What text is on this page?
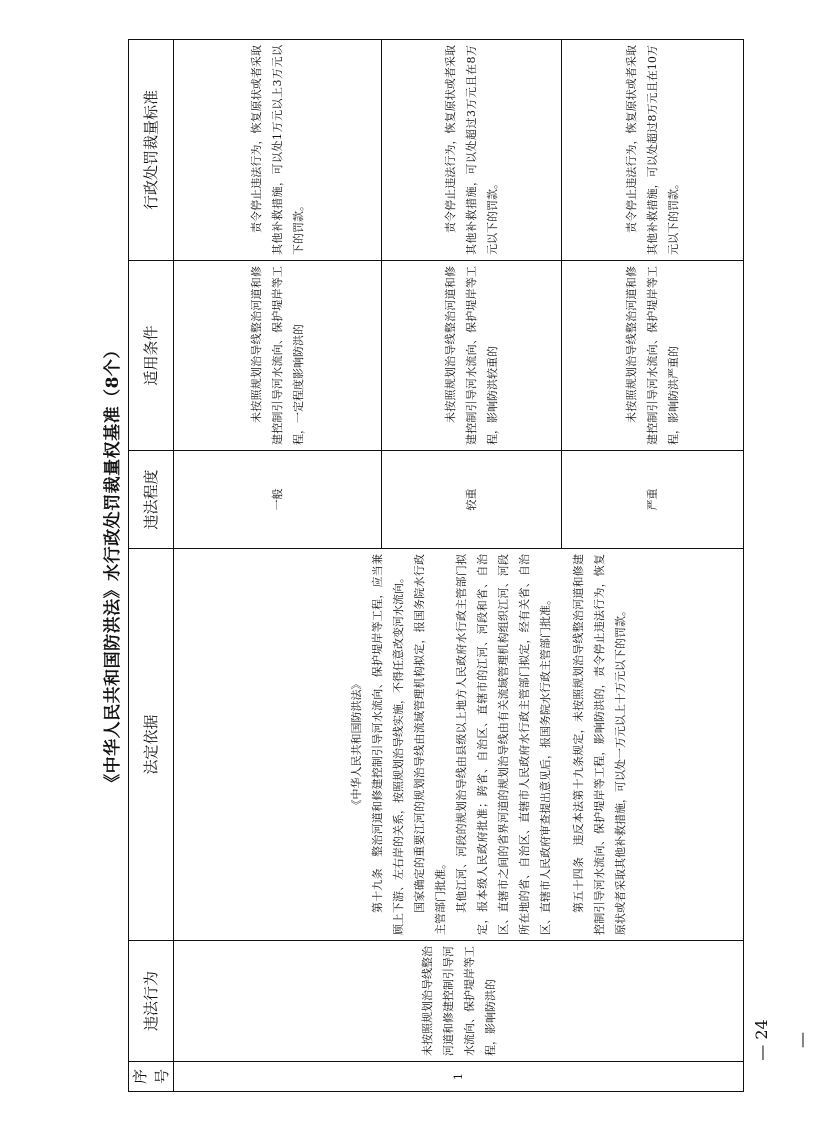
《中华人民共和国防洪法》水行政处罚裁量权基准（8个）
序号	违法行为	法定依据	违法程度	适用条件	行政处罚裁量标准
1	未按照规划治导线整治河道和修建控制引导河水流向、保护堤岸等工程，影响防洪的	《中华人民共和国防洪法》 第十九条　整治河道和修建控制引导河水流向、保护堤岸等工程，应当兼顾上下游、左右岸的关系，按照规划治导线实施，不得任意改变河水流向。 国家确定的重要江河的规划治导线由流域管理机构拟定，报国务院水行政主管部门批准。 其他江河、河段的规划治导线由县级以上地方人民政府水行政主管部门拟定，报本级人民政府批准；跨省、自治区、直辖市的江河、河段和省、自治区、直辖市之间的省界河道的规划治导线由有关流域管理机构组织江河、河段所在地的省、自治区、直辖市人民政府水行政主管部门拟定，经有关省、自治区、直辖市人民政府审查提出意见后，报国务院水行政主管部门批准。 第五十四条　违反本法第十九条规定，未按照规划治导线整治河道和修建控制引导河水流向、保护堤岸等工程，影响防洪的，责令停止违法行为，恢复原状或者采取其他补救措施，可以处一万元以上十万元以下的罚款。	一般	未按照规划治导线整治河道和修建控制引导河水流向、保护堤岸等工程，一定程度影响防洪的	责令停止违法行为，恢复原状或者采取其他补救措施，可以处1万元以上3万元以下的罚款。

			较重	未按照规划治导线整治河道和修建控制引导河水流向、保护堤岸等工程，影响防洪较重的	责令停止违法行为，恢复原状或者采取其他补救措施，可以处超过3万元且在8万元以下的罚款。

			严重	未按照规划治导线整治河道和修建控制引导河水流向、保护堤岸等工程，影响防洪严重的	责令停止违法行为，恢复原状或者采取其他补救措施，可以处超过8万元且在10万元以下的罚款。

— 24 —
